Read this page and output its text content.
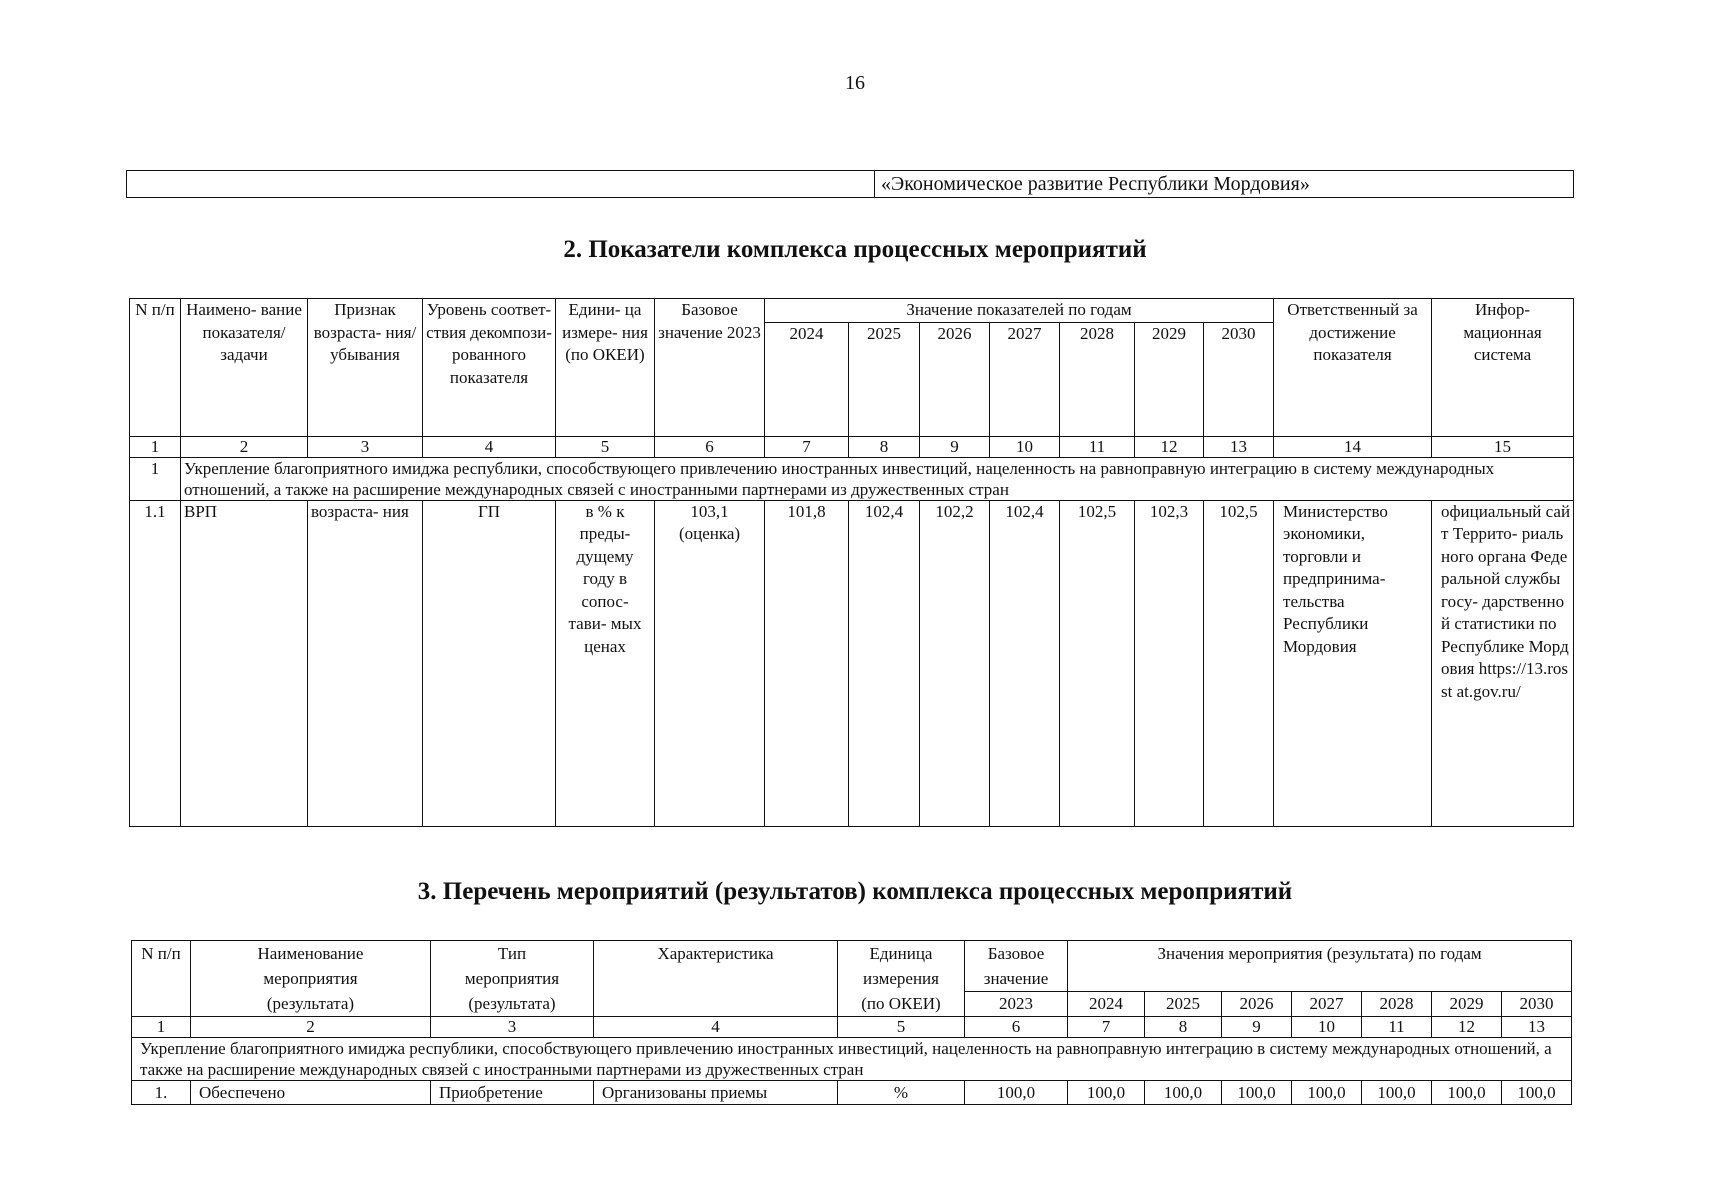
16
	«Экономическое развитие Республики Мордовия»
2. Показатели комплекса процессных мероприятий
N п/п	Наимено- вание показателя/ задачи	Признак возраста- ния/ убывания	Уровень соответ- ствия декомпози- рованного показателя	Едини- ца измере- ния (по ОКЕИ)	Базовое значение 2023	Значение показателей по годам							Ответственный за достижение показателя	Инфор- мационная система
						2024	2025	2026	2027	2028	2029	2030		
1	2	3	4	5	6	7	8	9	10	11	12	13	14	15
1	Укрепление благоприятного имиджа республики, способствующего привлечению иностранных инвестиций, нацеленность на равноправную интеграцию в систему международных отношений, а также на расширение международных связей с иностранными партнерами из дружественных стран													
1.1	ВРП	возраста- ния	ГП	в % к преды- дущему году в сопос- тави- мых ценах	103,1 (оценка)	101,8	102,4	102,2	102,4	102,5	102,3	102,5	Министерство экономики, торговли и предпринима- тельства Республики Мордовия	официальный сайт Террито- риального органа Федеральной службы госу- дарственной статистики по Республике Мордовия https://13.rosst at.gov.ru/
3. Перечень мероприятий (результатов) комплекса процессных мероприятий
N п/п	Наименование мероприятия (результата)	Тип мероприятия (результата)	Характеристика	Единица измерения (по ОКЕИ)	Базовое значение	Значения мероприятия (результата) по годам						
					2023	2024	2025	2026	2027	2028	2029	2030
1	2	3	4	5	6	7	8	9	10	11	12	13
Укрепление благоприятного имиджа республики, способствующего привлечению иностранных инвестиций, нацеленность на равноправную интеграцию в систему международных отношений, а также на расширение международных связей с иностранными партнерами из дружественных стран												
1.	Обеспечено	Приобретение	Организованы приемы	%	100,0	100,0	100,0	100,0	100,0	100,0	100,0	100,0
